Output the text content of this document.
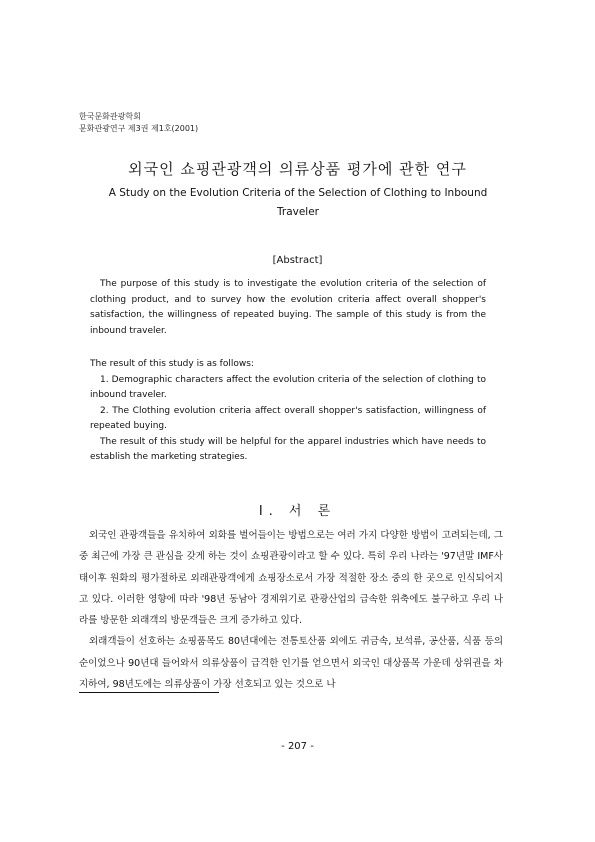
한국문화관광학회
문화관광연구 제3권 제1호(2001)
외국인 쇼핑관광객의 의류상품 평가에 관한 연구
A Study on the Evolution Criteria of the Selection of Clothing to Inbound Traveler
[Abstract]

The purpose of this study is to investigate the evolution criteria of the selection of clothing product, and to survey how the evolution criteria affect overall shopper's satisfaction, the willingness of repeated buying. The sample of this study is from the inbound traveler.

The result of this study is as follows:

1. Demographic characters affect the evolution criteria of the selection of clothing to inbound traveler.

2. The Clothing evolution criteria affect overall shopper's satisfaction, willingness of repeated buying.

The result of this study will be helpful for the apparel industries which have needs to establish the marketing strategies.

Ⅰ. 서 론

외국인 관광객들을 유치하여 외화를 벌어들이는 방법으로는 여러 가지 다양한 방법이 고려되는데, 그 중 최근에 가장 큰 관심을 갖게 하는 것이 쇼핑관광이라고 할 수 있다. 특히 우리 나라는 '97년말 IMF사태이후 원화의 평가절하로 외래관광객에게 쇼핑장소로서 가장 적절한 장소 중의 한 곳으로 인식되어지고 있다. 이러한 영향에 따라 '98년 동남아 경제위기로 관광산업의 급속한 위축에도 불구하고 우리 나라를 방문한 외래객의 방문객들은 크게 증가하고 있다.

외래객들이 선호하는 쇼핑품목도 80년대에는 전통토산품 외에도 귀금속, 보석류, 공산품, 식품 등의 순이었으나 90년대 들어와서 의류상품이 급격한 인기를 얻으면서 외국인 대상품목 가운데 상위권을 차지하여, 98년도에는 의류상품이 가장 선호되고 있는 것으로 나

- 207 -
